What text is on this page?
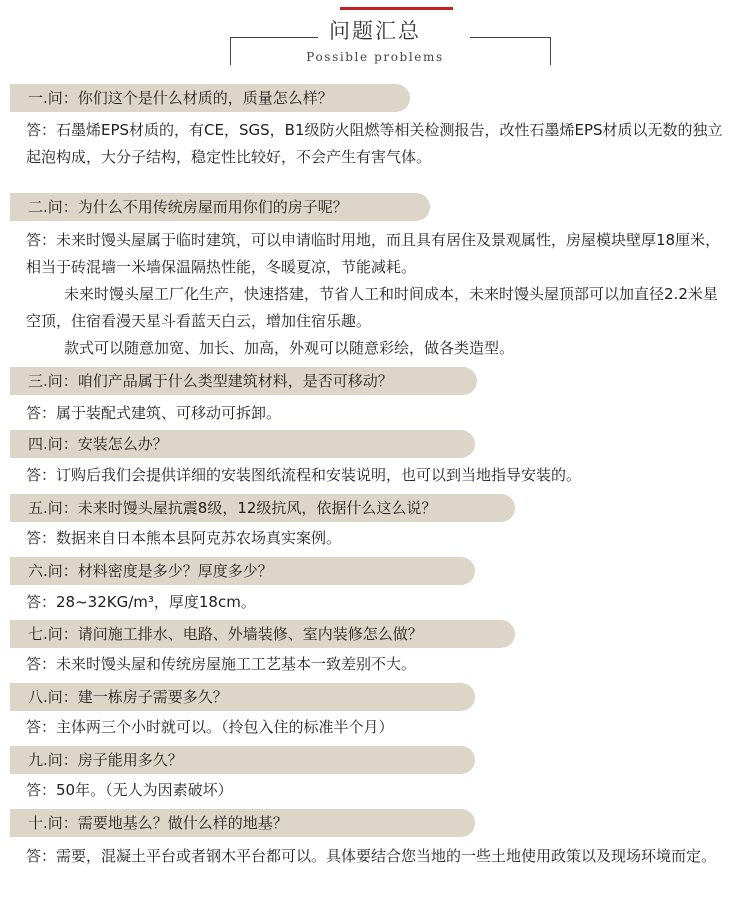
问题汇总
Possible problems
一.问：你们这个是什么材质的，质量怎么样？

答：石墨烯EPS材质的，有CE，SGS，B1级防火阻燃等相关检测报告，改性石墨烯EPS材质以无数的独立起泡构成，大分子结构，稳定性比较好，不会产生有害气体。

二.问：为什么不用传统房屋而用你们的房子呢？

答：未来时馒头屋属于临时建筑，可以申请临时用地，而且具有居住及景观属性，房屋模块壁厚18厘米，相当于砖混墙一米墙保温隔热性能，冬暖夏凉，节能减耗。

未来时馒头屋工厂化生产，快速搭建，节省人工和时间成本，未来时馒头屋顶部可以加直径2.2米星空顶，住宿看漫天星斗看蓝天白云，增加住宿乐趣。

款式可以随意加宽、加长、加高，外观可以随意彩绘，做各类造型。

三.问：咱们产品属于什么类型建筑材料，是否可移动？

答：属于装配式建筑、可移动可拆卸。

四.问：安装怎么办？

答：订购后我们会提供详细的安装图纸流程和安装说明，也可以到当地指导安装的。

五.问：未来时馒头屋抗震8级，12级抗风，依据什么这么说？

答：数据来自日本熊本县阿克苏农场真实案例。

六.问：材料密度是多少？厚度多少？

答：28~32KG/m³，厚度18cm。

七.问：请问施工排水、电路、外墙装修、室内装修怎么做？

答：未来时馒头屋和传统房屋施工工艺基本一致差别不大。

八.问：建一栋房子需要多久？

答：主体两三个小时就可以。（拎包入住的标准半个月）

九.问：房子能用多久？

答：50年。（无人为因素破坏）

十.问：需要地基么？做什么样的地基？

答：需要，混凝土平台或者钢木平台都可以。具体要结合您当地的一些土地使用政策以及现场环境而定。
